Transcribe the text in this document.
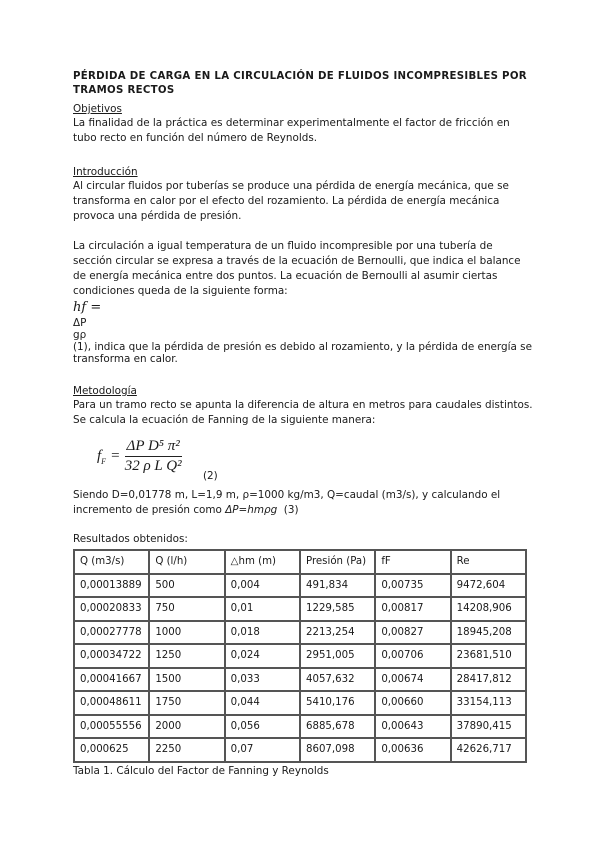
PÉRDIDA DE CARGA EN LA CIRCULACIÓN DE FLUIDOS INCOMPRESIBLES POR TRAMOS RECTOS
Objetivos

La finalidad de la práctica es determinar experimentalmente el factor de fricción en tubo recto en función del número de Reynolds.

Introducción

Al circular fluidos por tuberías se produce una pérdida de energía mecánica, que se transforma en calor por el efecto del rozamiento. La pérdida de energía mecánica provoca una pérdida de presión.

La circulación a igual temperatura de un fluido incompresible por una tubería de sección circular se expresa a través de la ecuación de Bernoulli, que indica el balance de energía mecánica entre dos puntos. La ecuación de Bernoulli al asumir ciertas condiciones queda de la siguiente forma:

hf =

ΔP
gρ
(1), indica que la pérdida de presión es debido al rozamiento, y la pérdida de energía se transforma en calor.

Metodología

Para un tramo recto se apunta la diferencia de altura en metros para caudales distintos. Se calcula la ecuación de Fanning de la siguiente manera:

$f_F = \frac{\text{ΔP D⁵ π²}}{\text{32 ρ L Q²}}$
(2)

Siendo D=0,01778 m, L=1,9 m, ρ=1000 kg/m3, Q=caudal (m3/s), y calculando el incremento de presión como ΔP=hmρg  (3)

Resultados obtenidos:
Q (m3/s)	Q (l/h)	△hm (m)	Presión (Pa)	fF	Re
0,00013889	500	0,004	491,834	0,00735	9472,604
0,00020833	750	0,01	1229,585	0,00817	14208,906
0,00027778	1000	0,018	2213,254	0,00827	18945,208
0,00034722	1250	0,024	2951,005	0,00706	23681,510
0,00041667	1500	0,033	4057,632	0,00674	28417,812
0,00048611	1750	0,044	5410,176	0,00660	33154,113
0,00055556	2000	0,056	6885,678	0,00643	37890,415
0,000625	2250	0,07	8607,098	0,00636	42626,717
Tabla 1. Cálculo del Factor de Fanning y Reynolds
